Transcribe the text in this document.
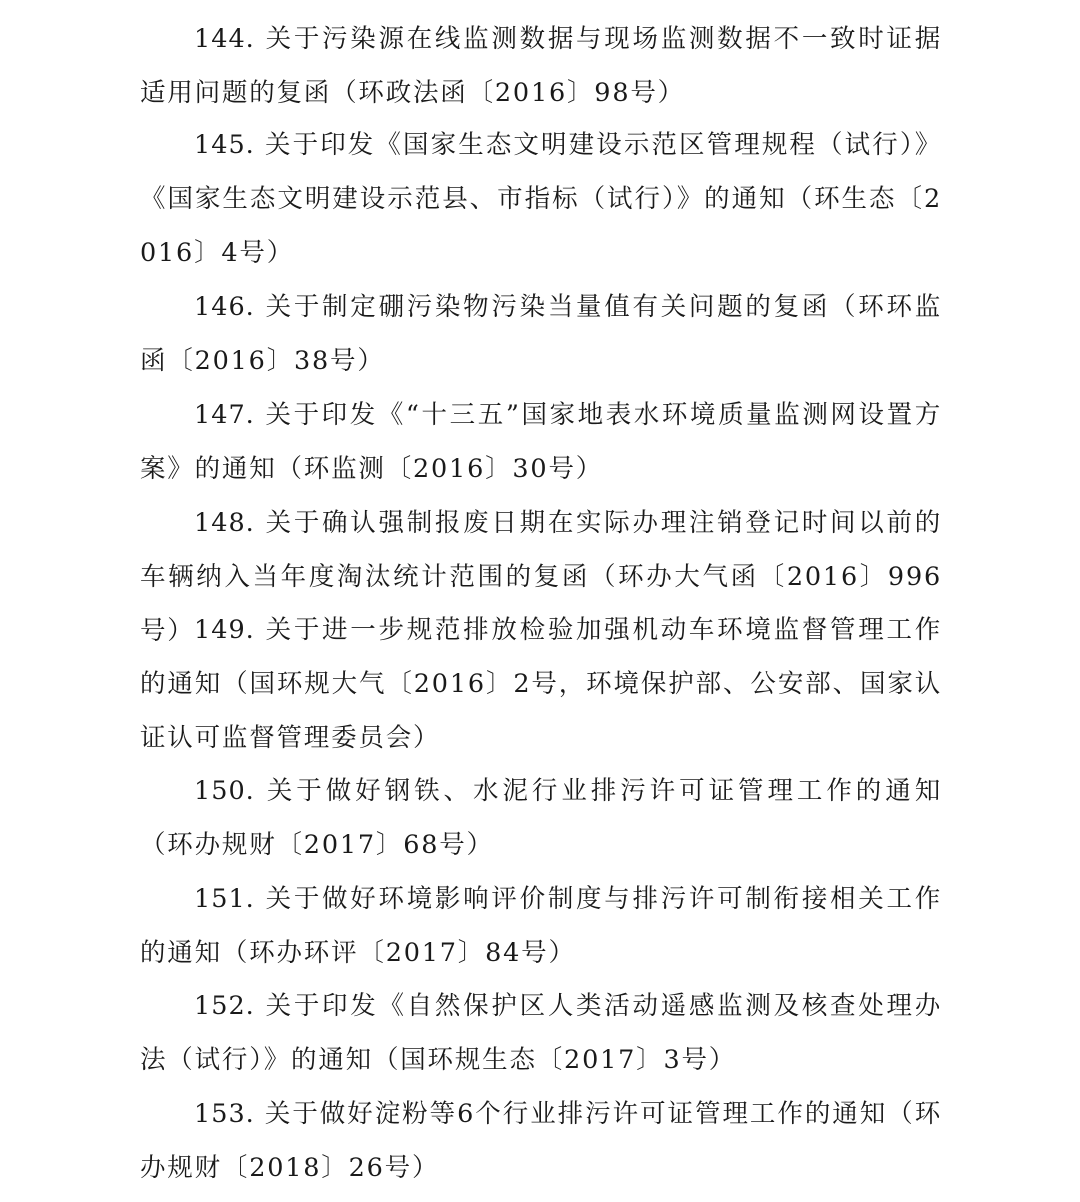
144. 关于污染源在线监测数据与现场监测数据不一致时证据适用问题的复函（环政法函〔2016〕98号）
145. 关于印发《国家生态文明建设示范区管理规程（试行）》《国家生态文明建设示范县、市指标（试行）》的通知（环生态〔2016〕4号）
146. 关于制定硼污染物污染当量值有关问题的复函（环环监函〔2016〕38号）
147. 关于印发《“十三五”国家地表水环境质量监测网设置方案》的通知（环监测〔2016〕30号）
148. 关于确认强制报废日期在实际办理注销登记时间以前的车辆纳入当年度淘汰统计范围的复函（环办大气函〔2016〕996号） 149. 关于进一步规范排放检验加强机动车环境监督管理工作的通知（国环规大气〔2016〕2号，环境保护部、公安部、国家认证认可监督管理委员会）
150. 关于做好钢铁、水泥行业排污许可证管理工作的通知（环办规财〔2017〕68号）
151. 关于做好环境影响评价制度与排污许可制衔接相关工作的通知（环办环评〔2017〕84号）
152. 关于印发《自然保护区人类活动遥感监测及核查处理办法（试行）》的通知（国环规生态〔2017〕3号）
153. 关于做好淀粉等6个行业排污许可证管理工作的通知（环办规财〔2018〕26号）
